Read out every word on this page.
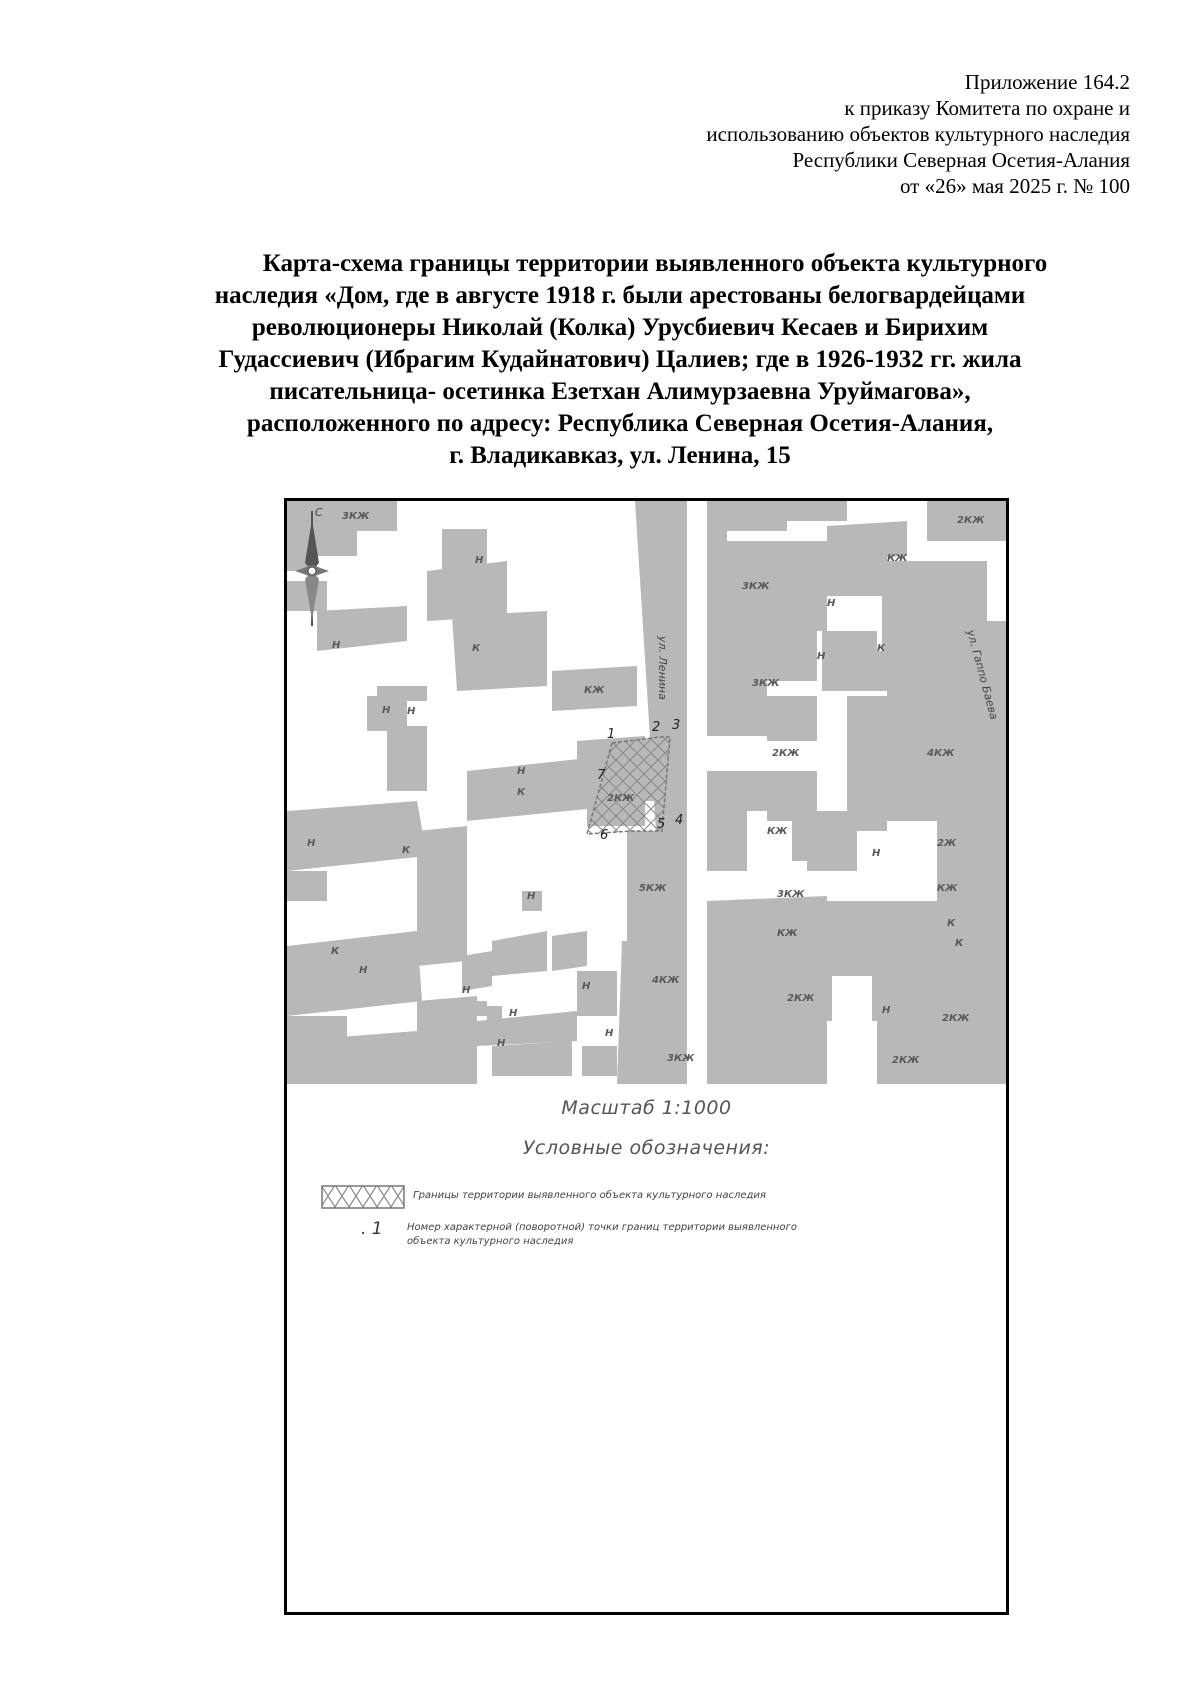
Приложение 164.2
к приказу Комитета по охране и
использованию объектов культурного наследия
Республики Северная Осетия-Алания
от «26» мая 2025 г. № 100
Карта-схема границы территории выявленного объекта культурного
наследия «Дом, где в августе 1918 г. были арестованы белогвардейцами
революционеры Николай (Колка) Урусбиевич Кесаев и Бирихим
Гудассиевич (Ибрагим Кудайнатович) Цалиев; где в 1926-1932 гг. жила
писательница- осетинка Езетхан Алимурзаевна Уруймагова»,
расположенного по адресу: Республика Северная Осетия-Алания,
г. Владикавказ, ул. Ленина, 15
С
ул. Ленина	ул. Гаппо Баева
3КЖ
Н
Н	К
Н
Н
КЖ
Н
К
Н
К
2КЖ
Н
К
Н
Н
Н
Н
Н
Н
5КЖ
4КЖ
3КЖ
3КЖ
3КЖ
Н
Н
КЖ
2КЖ	4КЖ
КЖ
Н
2Ж
3КЖ
КЖ
К
К
КЖ
2КЖ
Н
2КЖ
2КЖ
2КЖ
К
1	2 3
4
5
6
7
Масштаб 1:1000
Условные обозначения:
Границы территории выявленного объекта культурного наследия
. 1 Номер характерной (поворотной) точки границ территории выявленного объекта культурного наследия
